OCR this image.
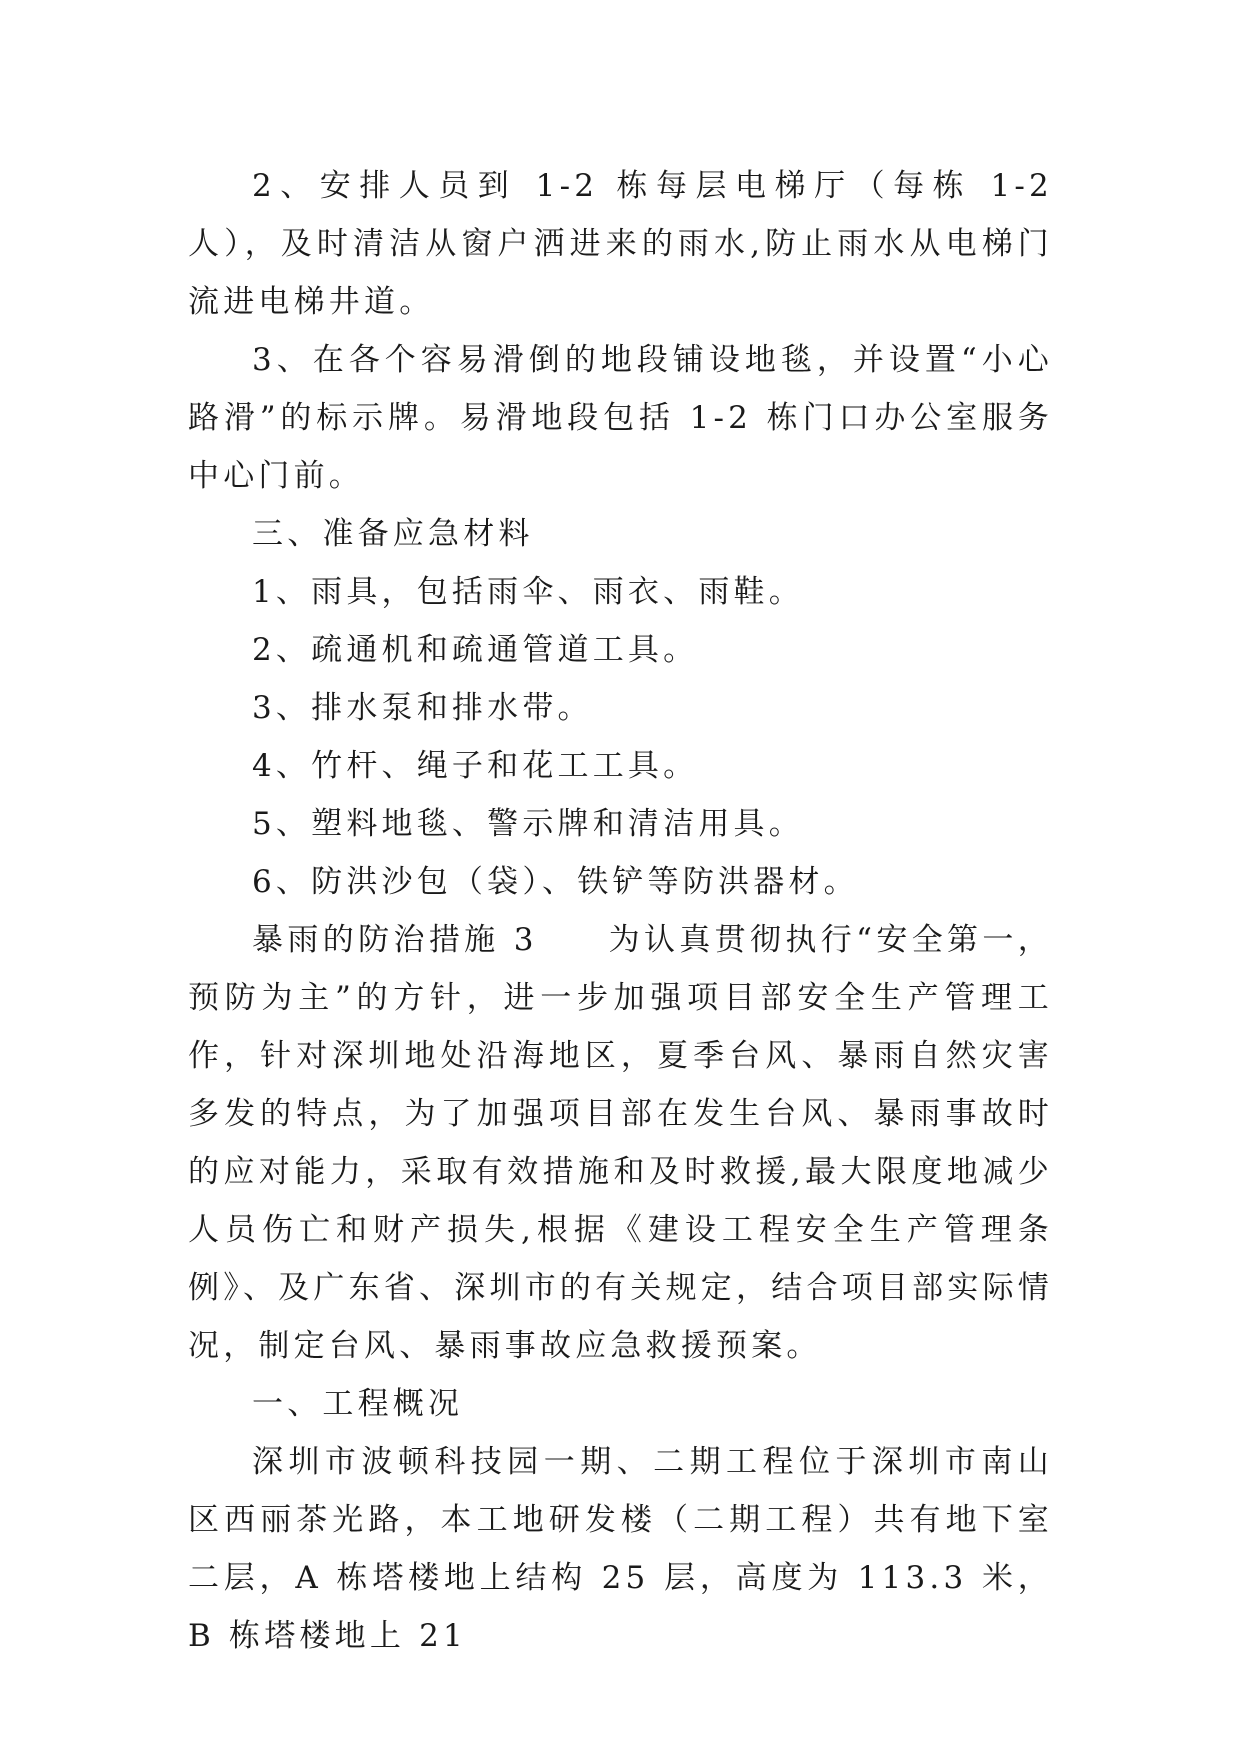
2、安排人员到 1-2 栋每层电梯厅（每栋 1-2 人），及时清洁从窗户洒进来的雨水,防止雨水从电梯门流进电梯井道。

3、在各个容易滑倒的地段铺设地毯，并设置“小心路滑”的标示牌。易滑地段包括 1-2 栋门口办公室服务中心门前。

三、准备应急材料

1、雨具，包括雨伞、雨衣、雨鞋。

2、疏通机和疏通管道工具。

3、排水泵和排水带。

4、竹杆、绳子和花工工具。

5、塑料地毯、警示牌和清洁用具。

6、防洪沙包（袋）、铁铲等防洪器材。

暴雨的防治措施 3　　为认真贯彻执行“安全第一，预防为主”的方针，进一步加强项目部安全生产管理工作，针对深圳地处沿海地区，夏季台风、暴雨自然灾害多发的特点，为了加强项目部在发生台风、暴雨事故时的应对能力，采取有效措施和及时救援,最大限度地减少人员伤亡和财产损失,根据《建设工程安全生产管理条例》、及广东省、深圳市的有关规定，结合项目部实际情况，制定台风、暴雨事故应急救援预案。

一、工程概况

深圳市波顿科技园一期、二期工程位于深圳市南山区西丽茶光路，本工地研发楼（二期工程）共有地下室二层，A 栋塔楼地上结构 25 层，高度为 113.3 米，B 栋塔楼地上 21
